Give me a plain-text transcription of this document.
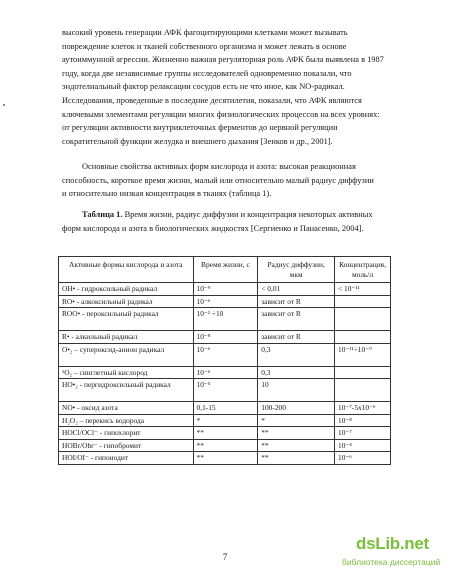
высокий уровень генерации АФК фагоцитирующими клетками может вызывать
повреждение клеток и тканей собственного организма и может лежать в основе
аутоиммунной агрессии. Жизненно важная регуляторная роль АФК была выявлена в 1987
году, когда две независимые группы исследователей одновременно показали, что
эндотелиальный фактор релаксации сосудов есть не что иное, как NO-радикал.
Исследования, проведенные в последние десятилетия, показали, что АФК являются
ключевыми элементами регуляции многих физиологических процессов на всех уровнях:
от регуляции активности внутриклеточных ферментов до нервной регуляции
сократительной функции желудка и внешнего дыхания [Зенков и др., 2001].
Основные свойства активных форм кислорода и азота: высокая реакционная
способность, короткое время жизни, малый или относительно малый радиус диффузии
и относительно низкая концентрация в тканях (таблица 1).
Таблица 1. Время жизни, радиус диффузии и концентрация некоторых активных
форм кислорода и азота в биологических жидкостях [Сергиенко и Панасенко, 2004].
Активные формы кислорода и азота	Время жизни, с	Радиус диффузии, мкм	Концентрация, моль/л
OH• - гидроксильный радикал	10⁻⁹	< 0,01	< 10⁻¹¹
RO• - алкоксильный радикал	10⁻⁶	зависит от R	
ROO• - пероксильный радикал	10⁻² ÷10	зависит от R	
R• - алкильный радикал	10⁻⁸	зависит от R	
O•₂ – супероксид-анион радикал	10⁻⁶	0,3	10⁻¹¹÷10⁻⁹
¹O₂ – синглетный кислород	10⁻⁶	0,3	
HO•₂ - пергидроксильный радикал	10⁻⁵	10	
NO• - оксид азота	0,1-15	100-200	10⁻⁷-5x10⁻⁶
H₂O₂ – перекись водорода	*	*	10⁻⁸
HOCl/OCl⁻ - гипохлорит	**	**	10⁻⁷
HOBr/Obr⁻ - гипобромит	**	**	10⁻⁴
HOI/OI⁻ - гипоиодит	**	**	10⁻⁶
7
dsLib.net
библиотека диссертаций
